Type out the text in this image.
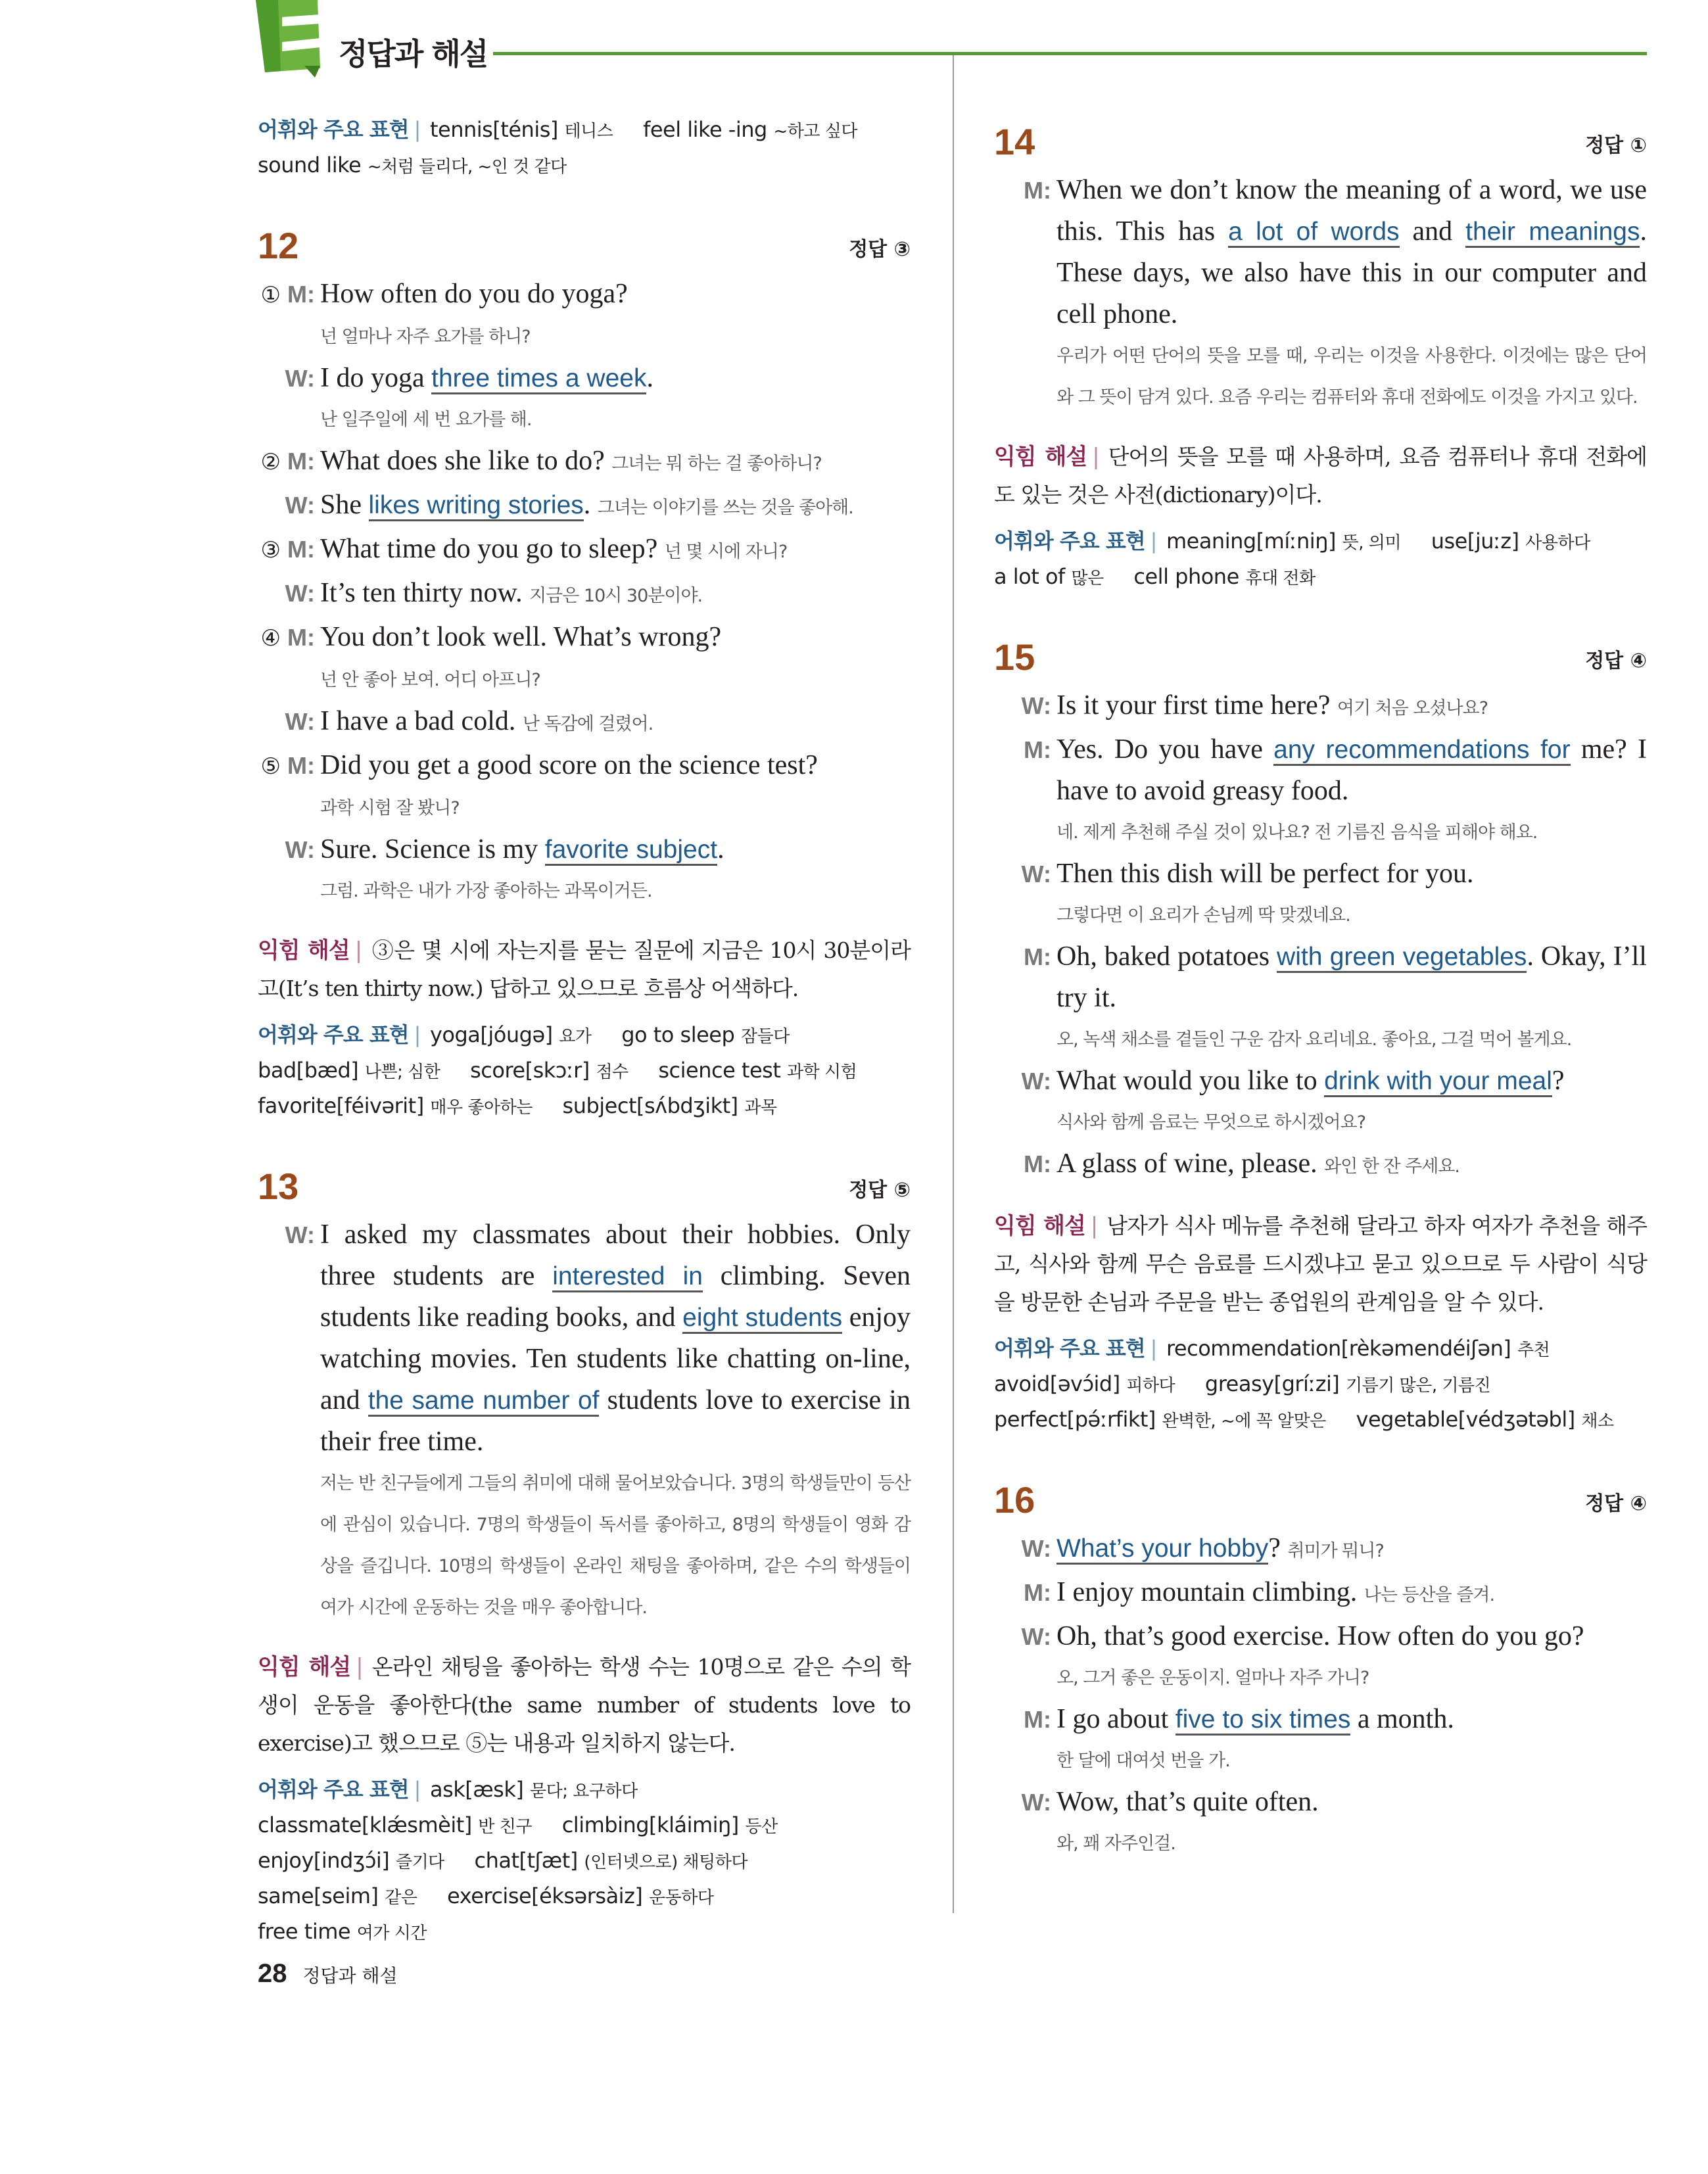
정답과 해설
어휘와 주요 표현 | tennis[ténis] 테니스 feel like -ing ~하고 싶다 sound like ~처럼 들리다, ~인 것 같다
12	정답 ③
① M: How often do you do yoga?
넌 얼마나 자주 요가를 하니?
W: I do yoga three times a week.
난 일주일에 세 번 요가를 해.
② M: What does she like to do? 그녀는 뭐 하는 걸 좋아하니?
W: She likes writing stories. 그녀는 이야기를 쓰는 것을 좋아해.
③ M: What time do you go to sleep? 넌 몇 시에 자니?
W: It’s ten thirty now. 지금은 10시 30분이야.
④ M: You don’t look well. What’s wrong?
넌 안 좋아 보여. 어디 아프니?
W: I have a bad cold. 난 독감에 걸렸어.
⑤ M: Did you get a good score on the science test?
과학 시험 잘 봤니?
W: Sure. Science is my favorite subject.
그럼. 과학은 내가 가장 좋아하는 과목이거든.
익힘 해설 | ③은 몇 시에 자는지를 묻는 질문에 지금은 10시 30분이라고(It’s ten thirty now.) 답하고 있으므로 흐름상 어색하다.
어휘와 주요 표현 | yoga[jóugə] 요가 go to sleep 잠들다 bad[bæd] 나쁜; 심한 score[skɔːr] 점수 science test 과학 시험 favorite[féivərit] 매우 좋아하는 subject[sʌ́bdʒikt] 과목
13	정답 ⑤
W: I asked my classmates about their hobbies. Only three students are interested in climbing. Seven students like reading books, and eight students enjoy watching movies. Ten students like chatting on-line, and the same number of students love to exercise in their free time.
저는 반 친구들에게 그들의 취미에 대해 물어보았습니다. 3명의 학생들만이 등산에 관심이 있습니다. 7명의 학생들이 독서를 좋아하고, 8명의 학생들이 영화 감상을 즐깁니다. 10명의 학생들이 온라인 채팅을 좋아하며, 같은 수의 학생들이 여가 시간에 운동하는 것을 매우 좋아합니다.
익힘 해설 | 온라인 채팅을 좋아하는 학생 수는 10명으로 같은 수의 학생이 운동을 좋아한다(the same number of students love to exercise)고 했으므로 ⑤는 내용과 일치하지 않는다.
어휘와 주요 표현 | ask[æsk] 묻다; 요구하다 classmate[klǽsmèit] 반 친구 climbing[kláimiŋ] 등산 enjoy[indʒɔ́i] 즐기다 chat[tʃæt] (인터넷으로) 채팅하다 same[seim] 같은 exercise[éksərsàiz] 운동하다 free time 여가 시간
14	정답 ①
M: When we don’t know the meaning of a word, we use this. This has a lot of words and their meanings. These days, we also have this in our computer and cell phone.
우리가 어떤 단어의 뜻을 모를 때, 우리는 이것을 사용한다. 이것에는 많은 단어와 그 뜻이 담겨 있다. 요즘 우리는 컴퓨터와 휴대 전화에도 이것을 가지고 있다.
익힘 해설 | 단어의 뜻을 모를 때 사용하며, 요즘 컴퓨터나 휴대 전화에도 있는 것은 사전(dictionary)이다.
어휘와 주요 표현 | meaning[míːniŋ] 뜻, 의미 use[juːz] 사용하다 a lot of 많은 cell phone 휴대 전화
15	정답 ④
W: Is it your first time here? 여기 처음 오셨나요?
M: Yes. Do you have any recommendations for me? I have to avoid greasy food.
네. 제게 추천해 주실 것이 있나요? 전 기름진 음식을 피해야 해요.
W: Then this dish will be perfect for you.
그렇다면 이 요리가 손님께 딱 맞겠네요.
M: Oh, baked potatoes with green vegetables. Okay, I’ll try it.
오, 녹색 채소를 곁들인 구운 감자 요리네요. 좋아요, 그걸 먹어 볼게요.
W: What would you like to drink with your meal?
식사와 함께 음료는 무엇으로 하시겠어요?
M: A glass of wine, please. 와인 한 잔 주세요.
익힘 해설 | 남자가 식사 메뉴를 추천해 달라고 하자 여자가 추천을 해주고, 식사와 함께 무슨 음료를 드시겠냐고 묻고 있으므로 두 사람이 식당을 방문한 손님과 주문을 받는 종업원의 관계임을 알 수 있다.
어휘와 주요 표현 | recommendation[rèkəmendéiʃən] 추천 avoid[əvɔ́id] 피하다 greasy[gríːzi] 기름기 많은, 기름진 perfect[pə́ːrfikt] 완벽한, ~에 꼭 알맞은 vegetable[védʒətəbl] 채소
16	정답 ④
W: What’s your hobby? 취미가 뭐니?
M: I enjoy mountain climbing. 나는 등산을 즐겨.
W: Oh, that’s good exercise. How often do you go?
오, 그거 좋은 운동이지. 얼마나 자주 가니?
M: I go about five to six times a month.
한 달에 대여섯 번을 가.
W: Wow, that’s quite often.
와, 꽤 자주인걸.
28 정답과 해설
